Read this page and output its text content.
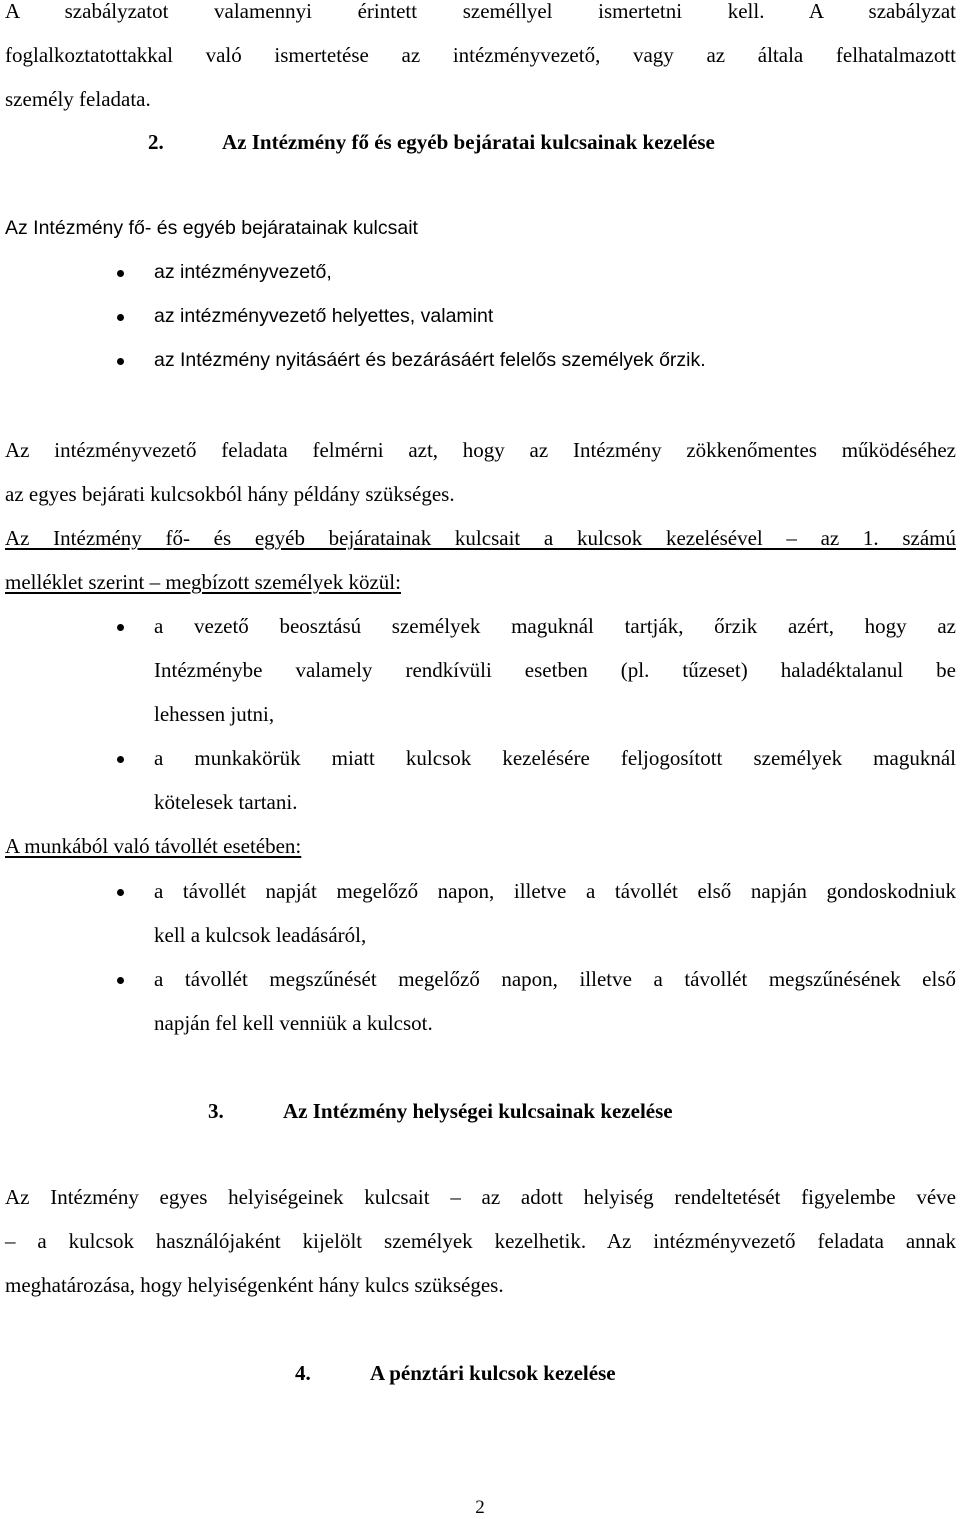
A szabályzatot valamennyi érintett személlyel ismertetni kell. A szabályzat
foglalkoztatottakkal való ismertetése az intézményvezető, vagy az általa felhatalmazott
személy feladata.
2.	Az Intézmény fő és egyéb bejáratai kulcsainak kezelése
Az Intézmény fő- és egyéb bejáratainak kulcsait
az intézményvezető,
az intézményvezető helyettes, valamint
az Intézmény nyitásáért és bezárásáért felelős személyek őrzik.
Az intézményvezető feladata felmérni azt, hogy az Intézmény zökkenőmentes működéséhez
az egyes bejárati kulcsokból hány példány szükséges.
Az Intézmény fő- és egyéb bejáratainak kulcsait a kulcsok kezelésével – az 1. számú
melléklet szerint – megbízott személyek közül:
a vezető beosztású személyek maguknál tartják, őrzik azért, hogy az
Intézménybe valamely rendkívüli esetben (pl. tűzeset) haladéktalanul be
lehessen jutni,
a munkakörük miatt kulcsok kezelésére feljogosított személyek maguknál
kötelesek tartani.
A munkából való távollét esetében:
a távollét napját megelőző napon, illetve a távollét első napján gondoskodniuk
kell a kulcsok leadásáról,
a távollét megszűnését megelőző napon, illetve a távollét megszűnésének első
napján fel kell venniük a kulcsot.
3.	Az Intézmény helységei kulcsainak kezelése
Az Intézmény egyes helyiségeinek kulcsait – az adott helyiség rendeltetését figyelembe véve
– a kulcsok használójaként kijelölt személyek kezelhetik. Az intézményvezető feladata annak
meghatározása, hogy helyiségenként hány kulcs szükséges.
4.	A pénztári kulcsok kezelése
2
